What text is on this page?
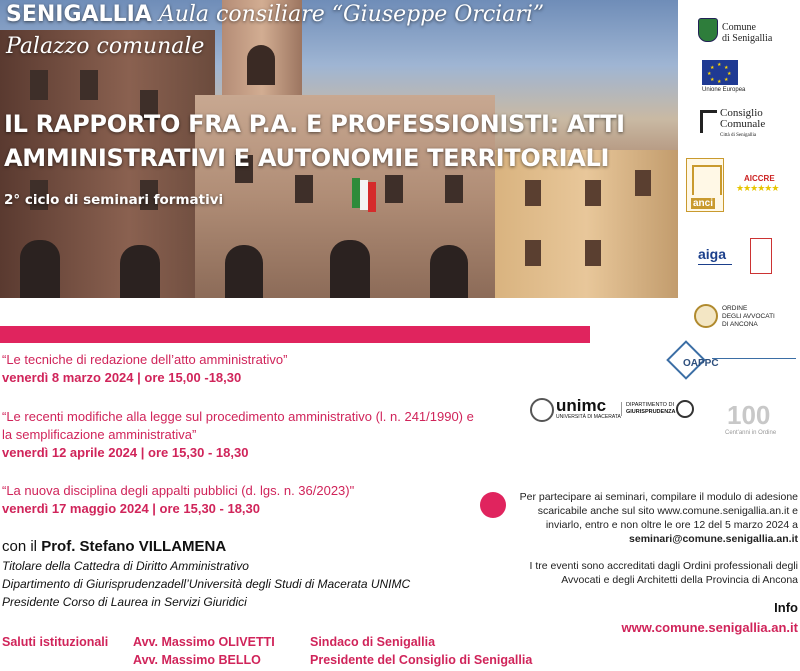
SENIGALLIA Aula consiliare “Giuseppe Orciari”
Palazzo comunale
IL RAPPORTO FRA P.A. E PROFESSIONISTI: ATTI
AMMINISTRATIVI E AUTONOMIE TERRITORIALI
2° ciclo di seminari formativi
Comune
di Senigallia
★ ★
★
★
★
★
★
★
Unione Europea
Consiglio
Comunale
Città di Senigallia
anci
AICCRE
★★★★★★
aiga
ORDINE
DEGLI AVVOCATI
DI ANCONA
OAPPC
unimc
UNIVERSITÀ DI MACERATA
DIPARTIMENTO DI
GIURISPRUDENZA 100
Cent'anni in Ordine
“Le tecniche di redazione dell’atto amministrativo”
venerdì 8 marzo 2024 | ore 15,00 -18,30
“Le recenti modifiche alla legge sul procedimento amministrativo (l. n. 241/1990) e
la semplificazione amministrativa”
venerdì 12 aprile 2024 | ore 15,30 - 18,30
“La nuova disciplina degli appalti pubblici (d. lgs. n. 36/2023)"
venerdì 17 maggio 2024 | ore 15,30 - 18,30
con il Prof. Stefano VILLAMENA
Titolare della Cattedra di Diritto Amministrativo
Dipartimento di Giurisprudenzadell’Università degli Studi di Macerata UNIMC
Presidente Corso di Laurea in Servizi Giuridici
Saluti istituzionali Avv. Massimo OLIVETTI	Sindaco di Senigallia
Avv. Massimo BELLO	Presidente del Consiglio di Senigallia
Per partecipare ai seminari, compilare il modulo di adesione
scaricabile anche sul sito www.comune.senigallia.an.it e
inviarlo, entro e non oltre le ore 12 del 5 marzo 2024 a
seminari@comune.senigallia.an.it
I tre eventi sono accreditati dagli Ordini professionali degli
Avvocati e degli Architetti della Provincia di Ancona
Info
www.comune.senigallia.an.it
